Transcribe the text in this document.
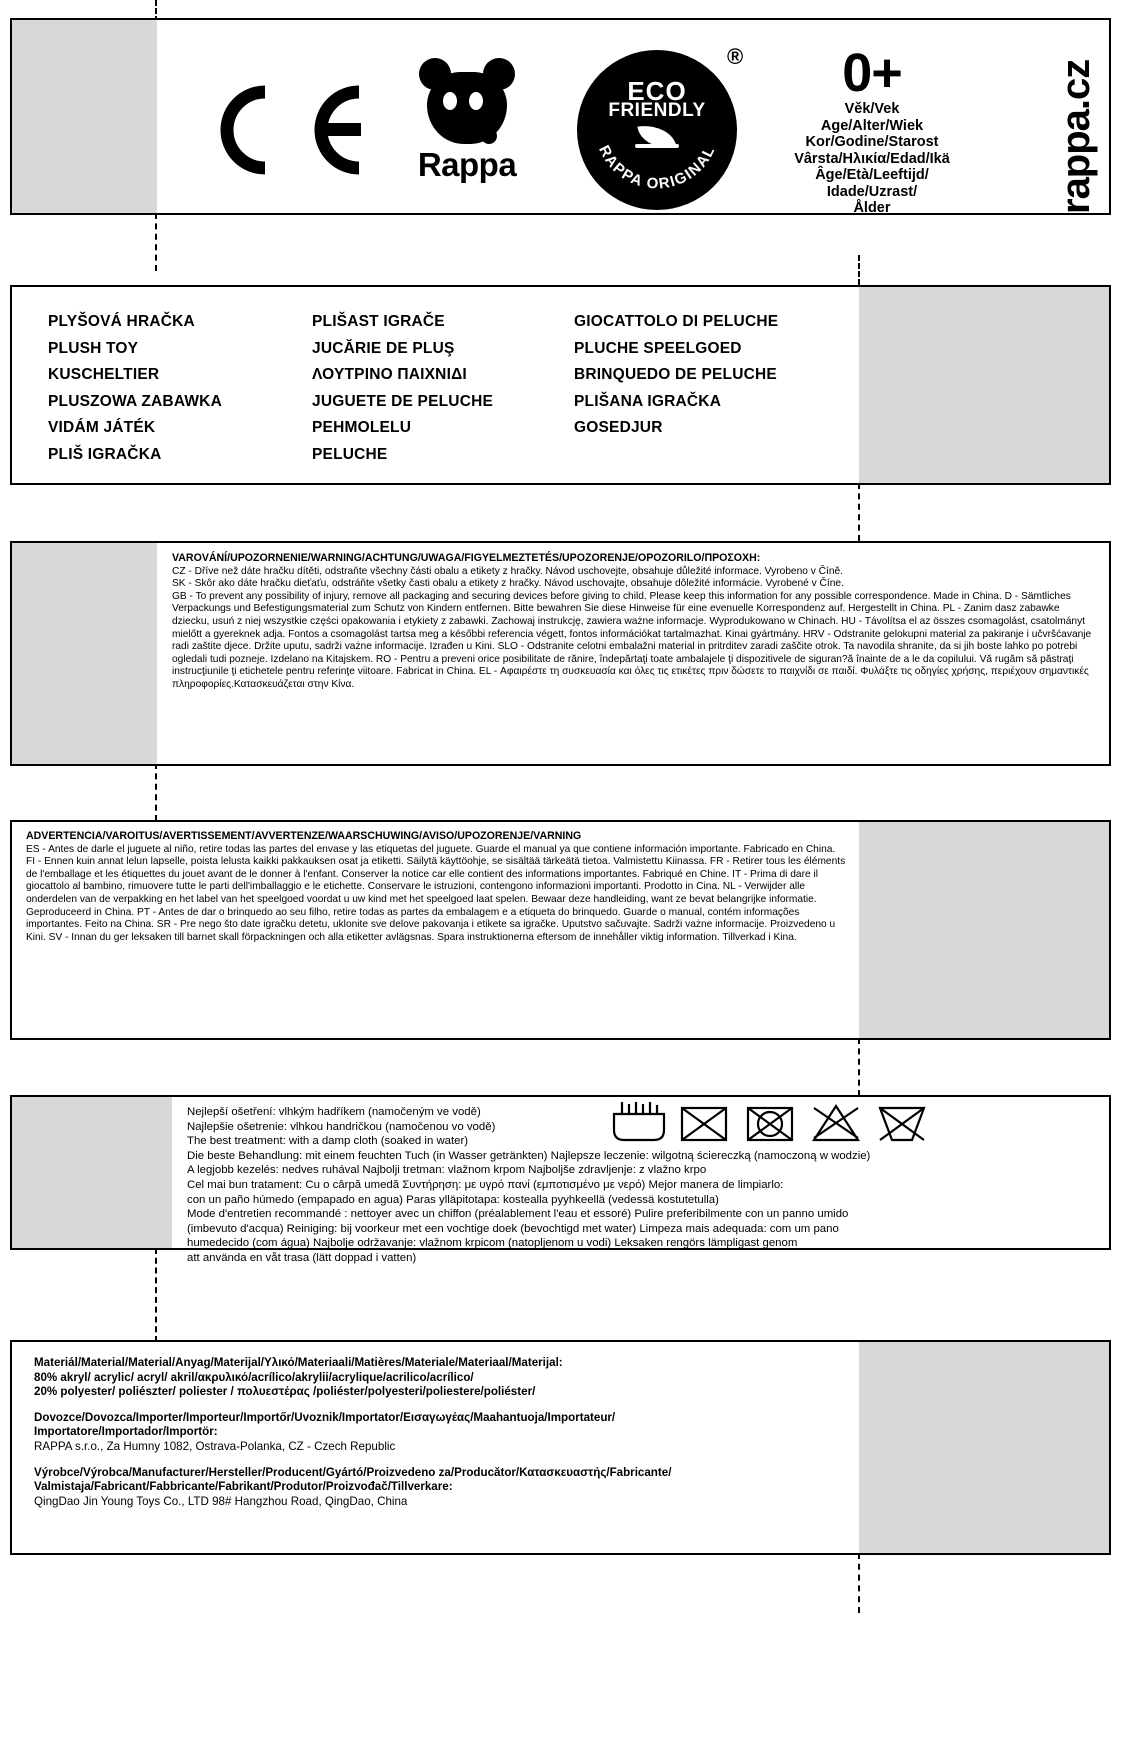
Rappa
ECO
FRIENDLY
RAPPA ORIGINAL
®	0+
Věk/Vek
Age/Alter/Wiek
Kor/Godine/Starost
Vârsta/Ηλικία/Edad/Ikä
Âge/Età/Leeftijd/
Idade/Uzrast/
Ålder	rappa.cz
PLYŠOVÁ HRAČKA
PLUSH TOY
KUSCHELTIER
PLUSZOWA ZABAWKA
VIDÁM JÁTÉK
PLIŠ IGRAČKA
PLIŠAST IGRAČE
JUCĂRIE DE PLUŞ
ΛΟΥΤΡΙΝΟ ΠΑΙΧΝΙΔΙ
JUGUETE DE PELUCHE
PEHMOLELU
PELUCHE
GIOCATTOLO DI PELUCHE
PLUCHE SPEELGOED
BRINQUEDO DE PELUCHE
PLIŠANA IGRAČKA
GOSEDJUR
VAROVÁNÍ/UPOZORNENIE/WARNING/ACHTUNG/UWAGA/FIGYELMEZTETÉS/UPOZORENJE/OPOZORILO/ΠΡΟΣΟΧΗ:
CZ - Dříve než dáte hračku dítěti, odstraňte všechny části obalu a etikety z hračky. Návod uschovejte, obsahuje důležité informace. Vyrobeno v Číně.
SK - Skôr ako dáte hračku dieťaťu, odstráňte všetky časti obalu a etikety z hračky. Návod uschovajte, obsahuje dôležité informácie. Vyrobené v Číne.
GB - To prevent any possibility of injury, remove all packaging and securing devices before giving to child. Please keep this information for any possible correspondence. Made in China. D - Sämtliches Verpackungs und Befestigungsmaterial zum Schutz von Kindern entfernen. Bitte bewahren Sie diese Hinweise für eine evenuelle Korrespondenz auf. Hergestellt in China. PL - Zanim dasz zabawke dziecku, usuń z niej wszystkie części opakowania i etykiety z zabawki. Zachowaj instrukcję, zawiera ważne informacje. Wyprodukowano w Chinach. HU - Távolítsa el az összes csomagolást, csatolmányt mielőtt a gyereknek adja. Fontos a csomagolást tartsa meg a későbbi referencia végett, fontos információkat tartalmazhat. Kinai gyártmány. HRV - Odstranite gelokupni material za pakiranje i učvršćavanje radi zaštite djece. Držite uputu, sadrži vażne informacije. Izrađen u Kini. SLO - Odstranite celotni embalažni material in pritrditev zaradi zaščite otrok. Ta navodila shranite, da si jih boste lahko po potrebi ogledali tudi pozneje. Izdelano na Kitajskem. RO - Pentru a preveni orice posibilitate de rănire, îndepărtaţi toate ambalajele ţi dispozitivele de siguran?ă înainte de a le da copilului. Vă rugăm să păstraţi instrucţiunile ţi etichetele pentru referinţe viitoare. Fabricat in China. EL - Αφαιρέστε τη συσκευασία και όλες τις ετικέτες πριν δώσετε το παιχνίδι σε παιδί. Φυλάξτε τις οδηγίες χρήσης, περιέχουν σημαντικές πληροφορίες.Κατασκευάζεται στην Κίνα.
ADVERTENCIA/VAROITUS/AVERTISSEMENT/AVVERTENZE/WAARSCHUWING/AVISO/UPOZORENJE/VARNING
ES - Antes de darle el juguete al niño, retire todas las partes del envase y las etiquetas del juguete. Guarde el manual ya que contiene información importante. Fabricado en China. FI - Ennen kuin annat lelun lapselle, poista lelusta kaikki pakkauksen osat ja etiketti. Säilytä käyttöohje, se sisältää tärkeätä tietoa. Valmistettu Kiinassa. FR - Retirer tous les éléments de l'emballage et les étiquettes du jouet avant de le donner à l'enfant. Conserver la notice car elle contient des informations importantes. Fabriqué en Chine. IT - Prima di dare il giocattolo al bambino, rimuovere tutte le parti dell'imballaggio e le etichette. Conservare le istruzioni, contengono informazioni importanti. Prodotto in Cina. NL - Verwijder alle onderdelen van de verpakking en het label van het speelgoed voordat u uw kind met het speelgoed laat spelen. Bewaar deze handleiding, want ze bevat belangrijke informatie. Geproduceerd in China. PT - Antes de dar o brinquedo ao seu filho, retire todas as partes da embalagem e a etiqueta do brinquedo. Guarde o manual, contém informações importantes. Feito na China. SR - Pre nego što date igračku detetu, uklonite sve delove pakovanja i etikete sa igračke. Uputstvo sačuvajte. Sadrži vażne informacije. Proizvedeno u Kini. SV - Innan du ger leksaken till barnet skall förpackningen och alla etiketter avlägsnas. Spara instruktionerna eftersom de innehåller viktig information. Tillverkad i Kina.
Nejlepší ošetření: vlhkým hadříkem (namočeným ve vodě)
Najlepšie ošetrenie: vlhkou handričkou (namočenou vo vodě)
The best treatment: with a damp cloth (soaked in water)
Die beste Behandlung: mit einem feuchten Tuch (in Wasser getränkten) Najlepsze leczenie: wilgotną ściereczką (namoczoną w wodzie)
A legjobb kezelés: nedves ruhával Najbolji tretman: vlažnom krpom Najboljše zdravljenje: z vlažno krpo
Cel mai bun tratament: Cu o cârpă umedă Συντήρηση: με υγρό πανί (εμποτισμένο με νερό) Mejor manera de limpiarlo:
con un paño húmedo (empapado en agua) Paras ylläpitotapa: kostealla pyyhkeellä (vedessä kostutetulla)
Mode d'entretien recommandé : nettoyer avec un chiffon (préalablement l'eau et essoré) Pulire preferibilmente con un panno umido
(imbevuto d'acqua) Reiniging: bij voorkeur met een vochtige doek (bevochtigd met water) Limpeza mais adequada: com um pano
humedecido (com água) Najbolje održavanje: vlažnom krpicom (natopljenom u vodi) Leksaken rengörs lämpligast genom
att använda en våt trasa (lätt doppad i vatten)
Materiál/Material/Material/Anyag/Materijal/Υλικό/Materiaali/Matières/Materiale/Materiaal/Materijal:
80% akryl/ acrylic/ acryl/ akril/ακρυλικό/acrílico/akrylii/acrylique/acrilico/acrílico/
20% polyester/ poliészter/ poliester / πολυεστέρας /poliéster/polyesteri/poliestere/poliéster/
Dovozce/Dovozca/Importer/Importeur/Importőr/Uvoznik/Importator/Εισαγωγέας/Maahantuoja/Importateur/
Importatore/Importador/Importör:
RAPPA s.r.o., Za Humny 1082, Ostrava-Polanka, CZ - Czech Republic
Výrobce/Výrobca/Manufacturer/Hersteller/Producent/Gyártó/Proizvedeno za/Producător/Κατασκευαστής/Fabricante/
Valmistaja/Fabricant/Fabbricante/Fabrikant/Produtor/Proizvođač/Tillverkare:
QingDao Jin Young Toys Co., LTD 98# Hangzhou Road, QingDao, China
